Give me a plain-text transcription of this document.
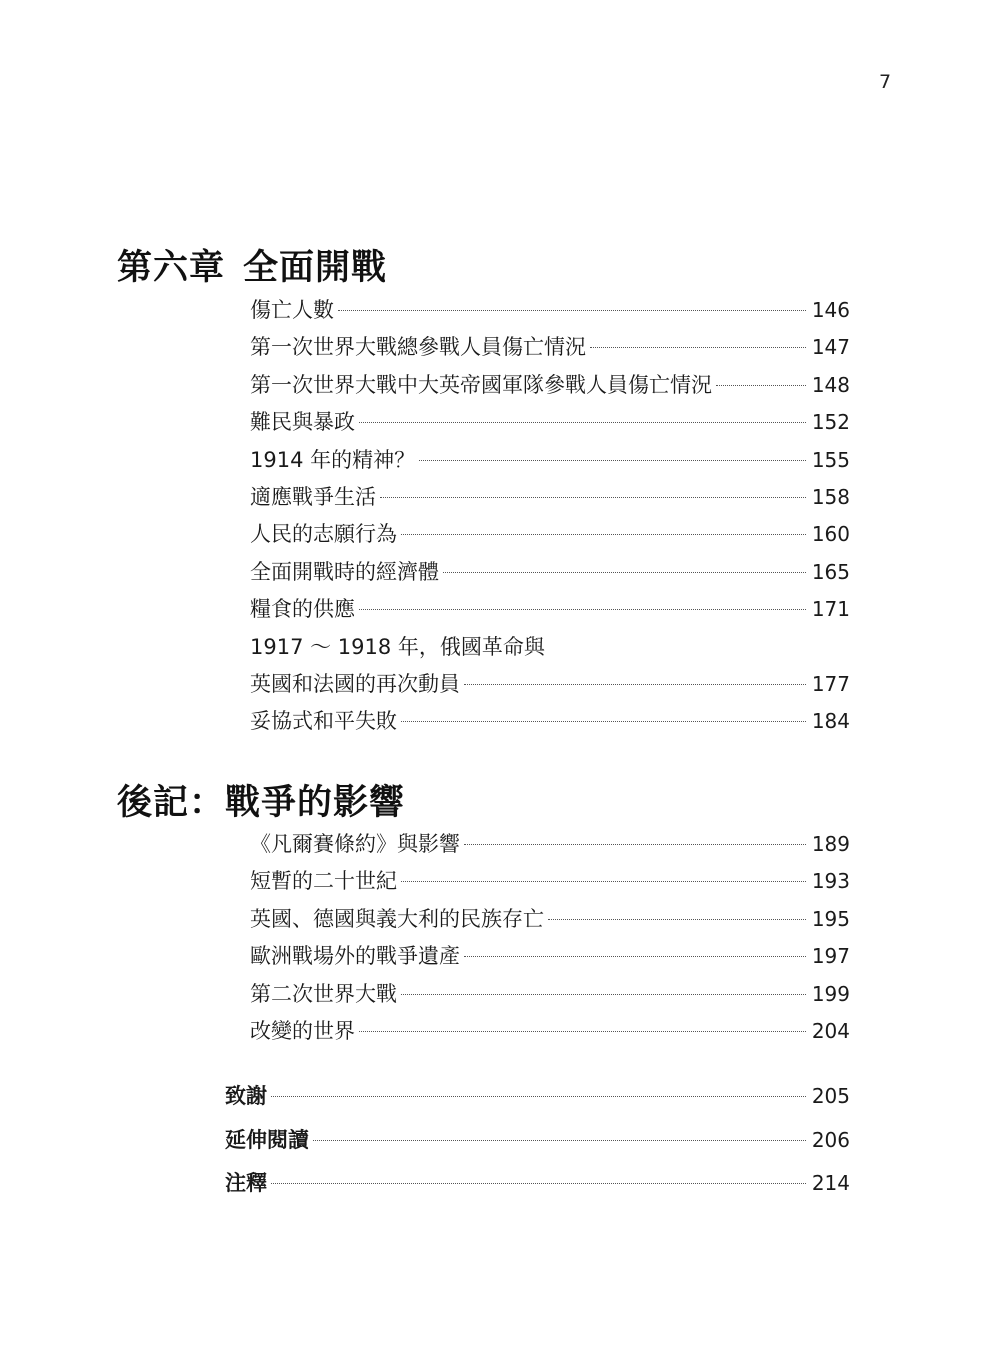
7
第六章 全面開戰
傷亡人數	146
第一次世界大戰總參戰人員傷亡情況	147
第一次世界大戰中大英帝國軍隊參戰人員傷亡情況	148
難民與暴政	152
1914 年的精神？	155
適應戰爭生活	158
人民的志願行為	160
全面開戰時的經濟體	165
糧食的供應	171
1917 ～ 1918 年，俄國革命與
英國和法國的再次動員	177
妥協式和平失敗	184
後記：戰爭的影響
《凡爾賽條約》與影響	189
短暫的二十世紀	193
英國、德國與義大利的民族存亡	195
歐洲戰場外的戰爭遺產	197
第二次世界大戰	199
改變的世界	204
致謝	205
延伸閱讀	206
注釋	214
